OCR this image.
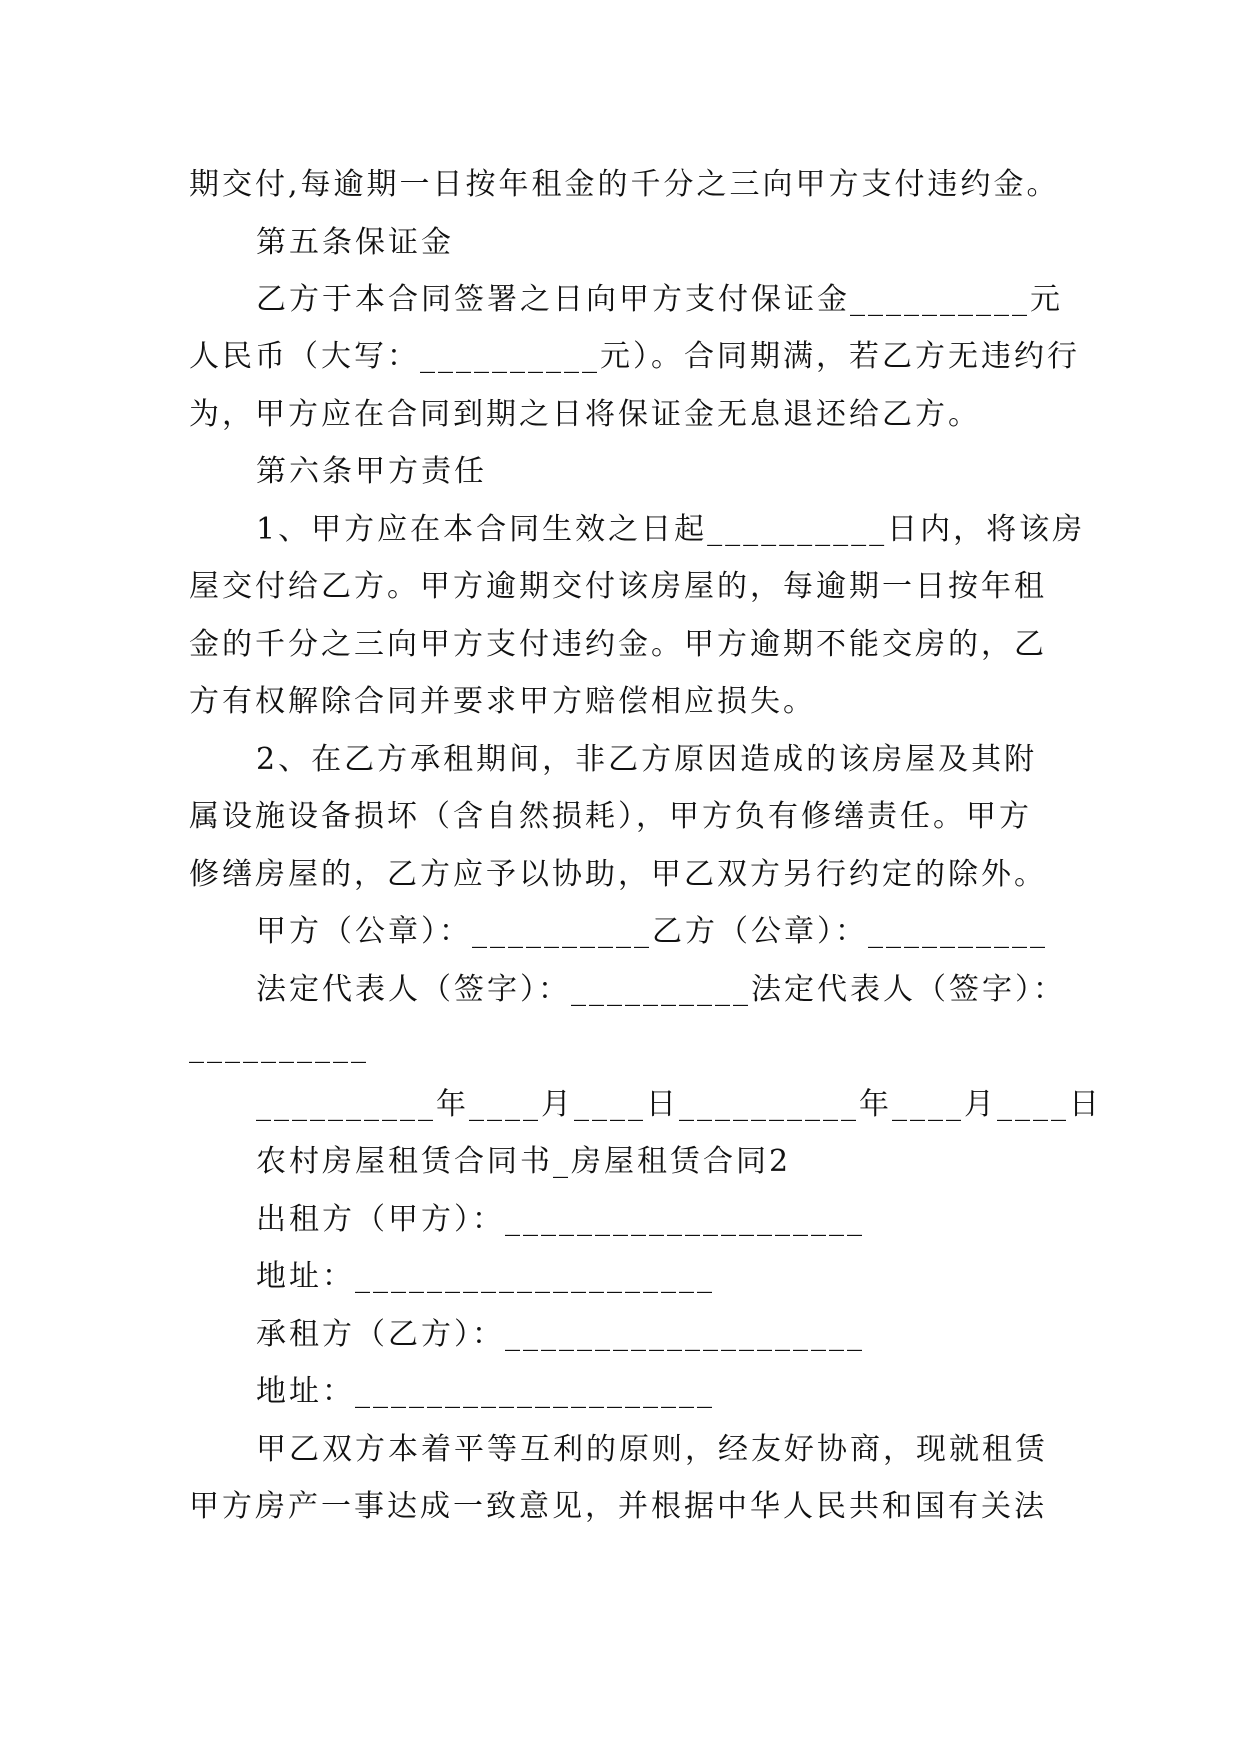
期交付,每逾期一日按年租金的千分之三向甲方支付违约金。
第五条保证金
乙方于本合同签署之日向甲方支付保证金__________元
人民币（大写：__________元）。合同期满，若乙方无违约行
为，甲方应在合同到期之日将保证金无息退还给乙方。
第六条甲方责任
1、甲方应在本合同生效之日起__________日内，将该房
屋交付给乙方。甲方逾期交付该房屋的，每逾期一日按年租
金的千分之三向甲方支付违约金。甲方逾期不能交房的，乙
方有权解除合同并要求甲方赔偿相应损失。
2、在乙方承租期间，非乙方原因造成的该房屋及其附
属设施设备损坏（含自然损耗），甲方负有修缮责任。甲方
修缮房屋的，乙方应予以协助，甲乙双方另行约定的除外。
甲方（公章）：__________乙方（公章）：__________
法定代表人（签字）：__________法定代表人（签字）：
__________
__________年____月____日__________年____月____日
农村房屋租赁合同书_房屋租赁合同2
出租方（甲方）：____________________
地址：____________________
承租方（乙方）：____________________
地址：____________________
甲乙双方本着平等互利的原则，经友好协商，现就租赁
甲方房产一事达成一致意见，并根据中华人民共和国有关法
